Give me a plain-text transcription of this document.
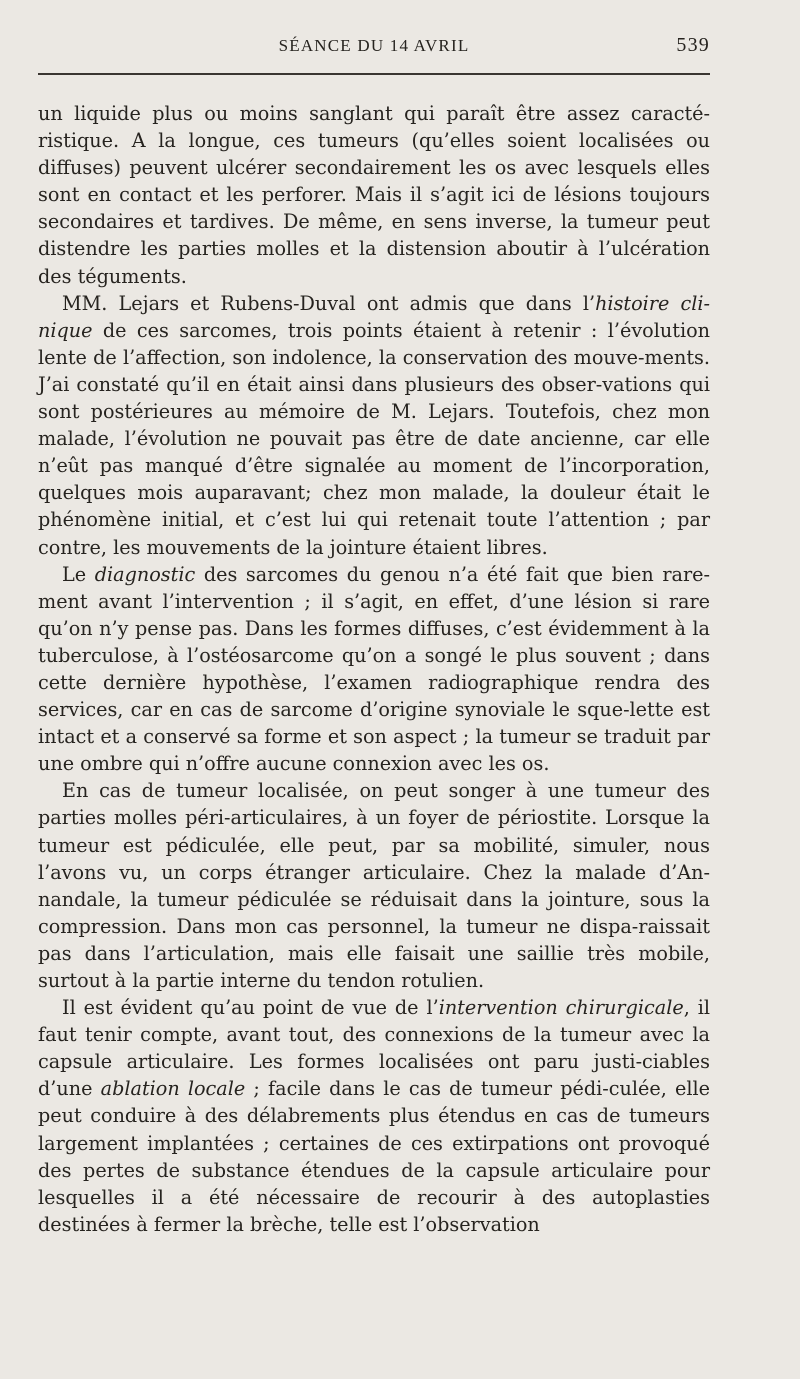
SÉANCE DU 14 AVRIL	539

un liquide plus ou moins sanglant qui paraît être assez caracté-ristique. A la longue, ces tumeurs (qu’elles soient localisées ou diffuses) peuvent ulcérer secondairement les os avec lesquels elles sont en contact et les perforer. Mais il s’agit ici de lésions toujours secondaires et tardives. De même, en sens inverse, la tumeur peut distendre les parties molles et la distension aboutir à l’ulcération des téguments.

MM. Lejars et Rubens-Duval ont admis que dans l’histoire cli-nique de ces sarcomes, trois points étaient à retenir : l’évolution lente de l’affection, son indolence, la conservation des mouve-ments. J’ai constaté qu’il en était ainsi dans plusieurs des obser-vations qui sont postérieures au mémoire de M. Lejars. Toutefois, chez mon malade, l’évolution ne pouvait pas être de date ancienne, car elle n’eût pas manqué d’être signalée au moment de l’incorporation, quelques mois auparavant; chez mon malade, la douleur était le phénomène initial, et c’est lui qui retenait toute l’attention ; par contre, les mouvements de la jointure étaient libres.

Le diagnostic des sarcomes du genou n’a été fait que bien rare-ment avant l’intervention ; il s’agit, en effet, d’une lésion si rare qu’on n’y pense pas. Dans les formes diffuses, c’est évidemment à la tuberculose, à l’ostéosarcome qu’on a songé le plus souvent ; dans cette dernière hypothèse, l’examen radiographique rendra des services, car en cas de sarcome d’origine synoviale le sque-lette est intact et a conservé sa forme et son aspect ; la tumeur se traduit par une ombre qui n’offre aucune connexion avec les os.

En cas de tumeur localisée, on peut songer à une tumeur des parties molles péri-articulaires, à un foyer de périostite. Lorsque la tumeur est pédiculée, elle peut, par sa mobilité, simuler, nous l’avons vu, un corps étranger articulaire. Chez la malade d’An-nandale, la tumeur pédiculée se réduisait dans la jointure, sous la compression. Dans mon cas personnel, la tumeur ne dispa-raissait pas dans l’articulation, mais elle faisait une saillie très mobile, surtout à la partie interne du tendon rotulien.

Il est évident qu’au point de vue de l’intervention chirurgicale, il faut tenir compte, avant tout, des connexions de la tumeur avec la capsule articulaire. Les formes localisées ont paru justi-ciables d’une ablation locale ; facile dans le cas de tumeur pédi-culée, elle peut conduire à des délabrements plus étendus en cas de tumeurs largement implantées ; certaines de ces extirpations ont provoqué des pertes de substance étendues de la capsule articulaire pour lesquelles il a été nécessaire de recourir à des autoplasties destinées à fermer la brèche, telle est l’observation
